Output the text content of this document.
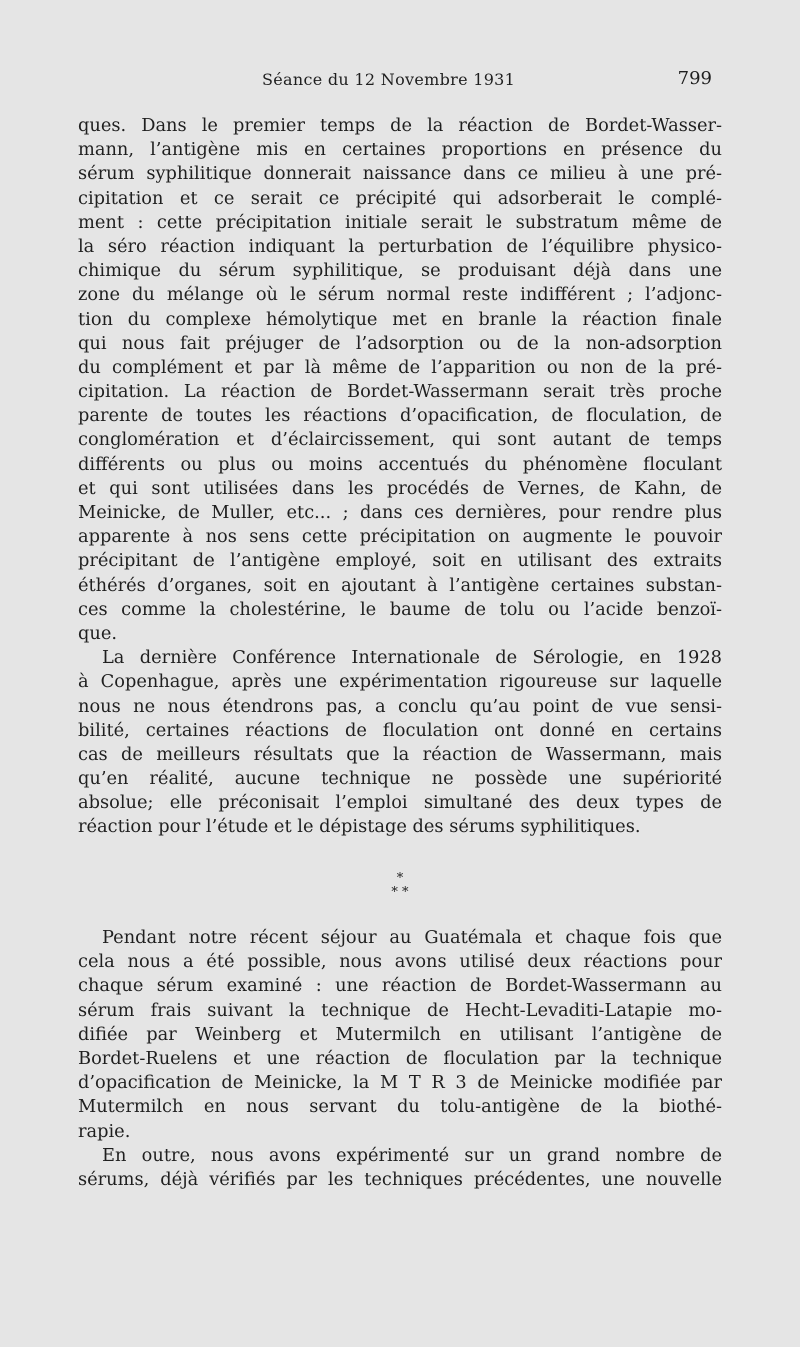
Séance du 12 Novembre 1931	799
ques. Dans le premier temps de la réaction de Bordet-Wasser-
mann, l’antigène mis en certaines proportions en présence du
sérum syphilitique donnerait naissance dans ce milieu à une pré-
cipitation et ce serait ce précipité qui adsorberait le complé-
ment : cette précipitation initiale serait le substratum même de
la séro réaction indiquant la perturbation de l’équilibre physico-
chimique du sérum syphilitique, se produisant déjà dans une
zone du mélange où le sérum normal reste indifférent ; l’adjonc-
tion du complexe hémolytique met en branle la réaction finale
qui nous fait préjuger de l’adsorption ou de la non-adsorption
du complément et par là même de l’apparition ou non de la pré-
cipitation. La réaction de Bordet-Wassermann serait très proche
parente de toutes les réactions d’opacification, de floculation, de
conglomération et d’éclaircissement, qui sont autant de temps
différents ou plus ou moins accentués du phénomène floculant
et qui sont utilisées dans les procédés de Vernes, de Kahn, de
Meinicke, de Muller, etc... ; dans ces dernières, pour rendre plus
apparente à nos sens cette précipitation on augmente le pouvoir
précipitant de l’antigène employé, soit en utilisant des extraits
éthérés d’organes, soit en ajoutant à l’antigène certaines substan-
ces comme la cholestérine, le baume de tolu ou l’acide benzoï-
que.
La dernière Conférence Internationale de Sérologie, en 1928
à Copenhague, après une expérimentation rigoureuse sur laquelle
nous ne nous étendrons pas, a conclu qu’au point de vue sensi-
bilité, certaines réactions de floculation ont donné en certains
cas de meilleurs résultats que la réaction de Wassermann, mais
qu’en réalité, aucune technique ne possède une supériorité
absolue; elle préconisait l’emploi simultané des deux types de
réaction pour l’étude et le dépistage des sérums syphilitiques.
*
* *
Pendant notre récent séjour au Guatémala et chaque fois que
cela nous a été possible, nous avons utilisé deux réactions pour
chaque sérum examiné : une réaction de Bordet-Wassermann au
sérum frais suivant la technique de Hecht-Levaditi-Latapie mo-
difiée par Weinberg et Mutermilch en utilisant l’antigène de
Bordet-Ruelens et une réaction de floculation par la technique
d’opacification de Meinicke, la M T R 3 de Meinicke modifiée par
Mutermilch en nous servant du tolu-antigène de la biothé-
rapie.
En outre, nous avons expérimenté sur un grand nombre de
sérums, déjà vérifiés par les techniques précédentes, une nouvelle
